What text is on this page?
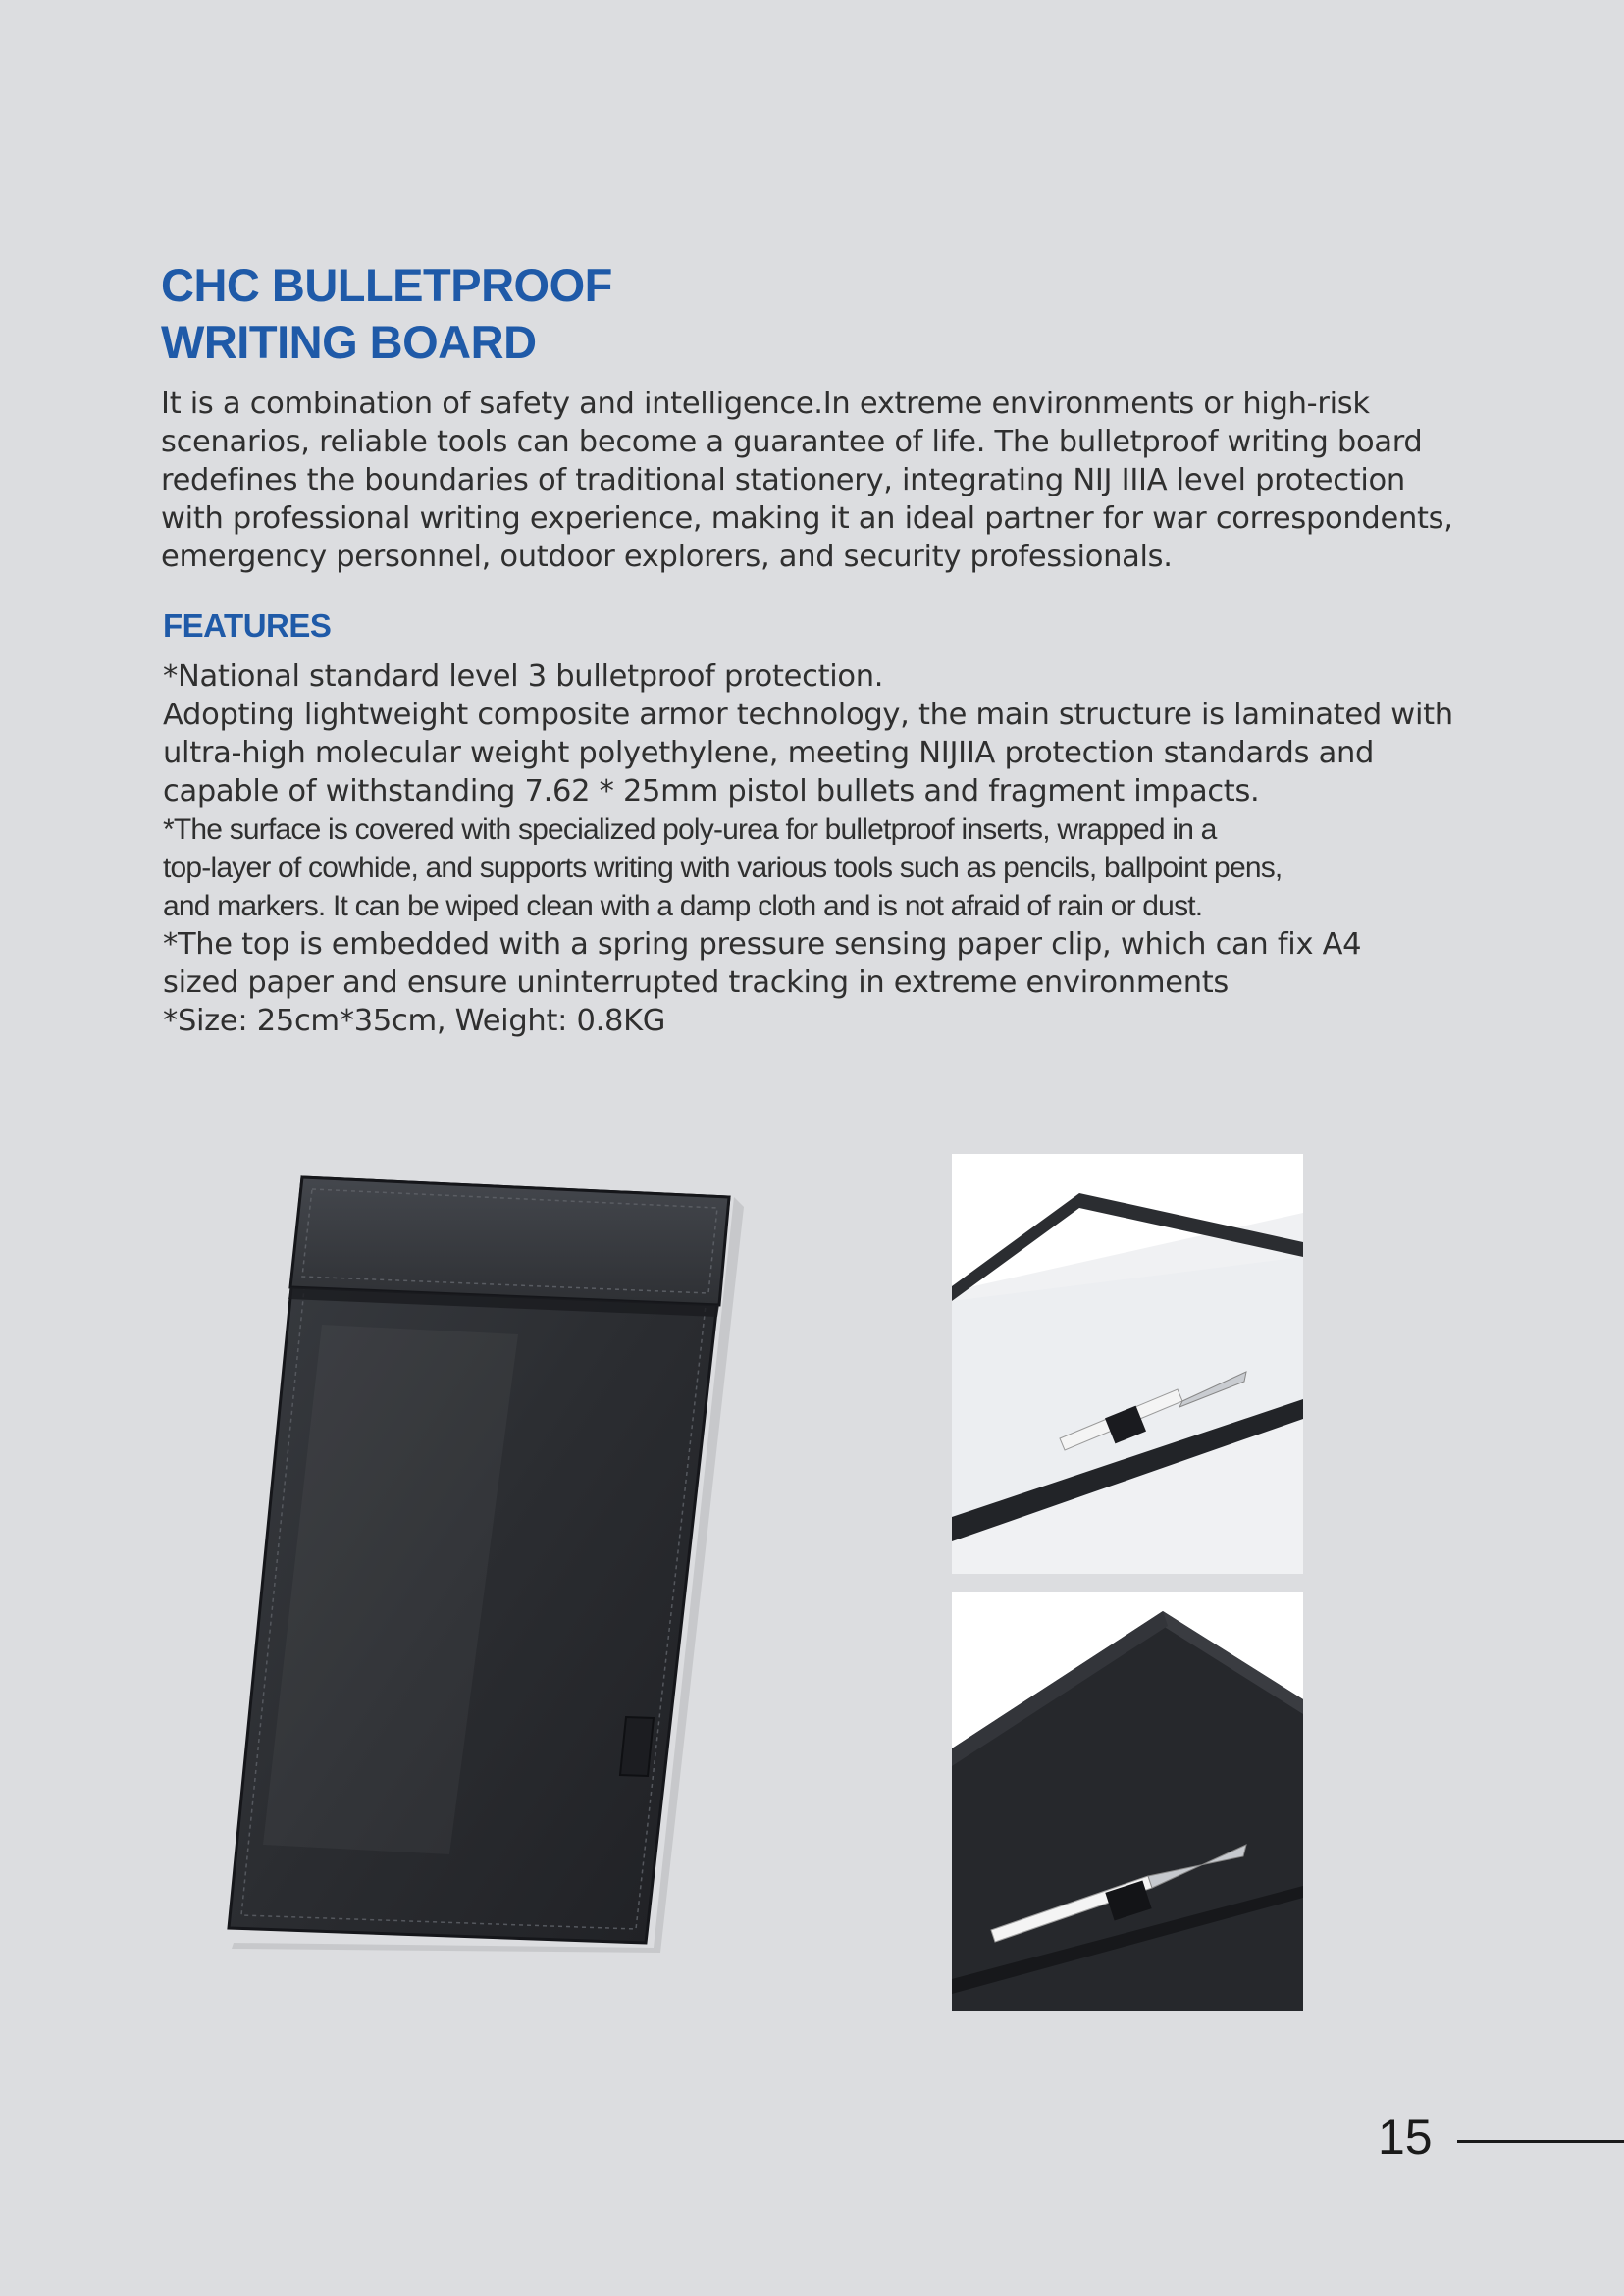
CHC BULLETPROOF
WRITING BOARD

It is a combination of safety and intelligence.In extreme environments or high-risk
scenarios, reliable tools can become a guarantee of life. The bulletproof writing board
redefines the boundaries of traditional stationery, integrating NIJ IIIA level protection
with professional writing experience, making it an ideal partner for war correspondents,
emergency personnel, outdoor explorers, and security professionals.

FEATURES
*National standard level 3 bulletproof protection.
Adopting lightweight composite armor technology, the main structure is laminated with
ultra-high molecular weight polyethylene, meeting NIJIIA protection standards and
capable of withstanding 7.62 * 25mm pistol bullets and fragment impacts.
*The surface is covered with specialized poly-urea for bulletproof inserts, wrapped in a
top-layer of cowhide, and supports writing with various tools such as pencils, ballpoint pens,
and markers. It can be wiped clean with a damp cloth and is not afraid of rain or dust.
*The top is embedded with a spring pressure sensing paper clip, which can fix A4
sized paper and ensure uninterrupted tracking in extreme environments
*Size: 25cm*35cm, Weight: 0.8KG
15
